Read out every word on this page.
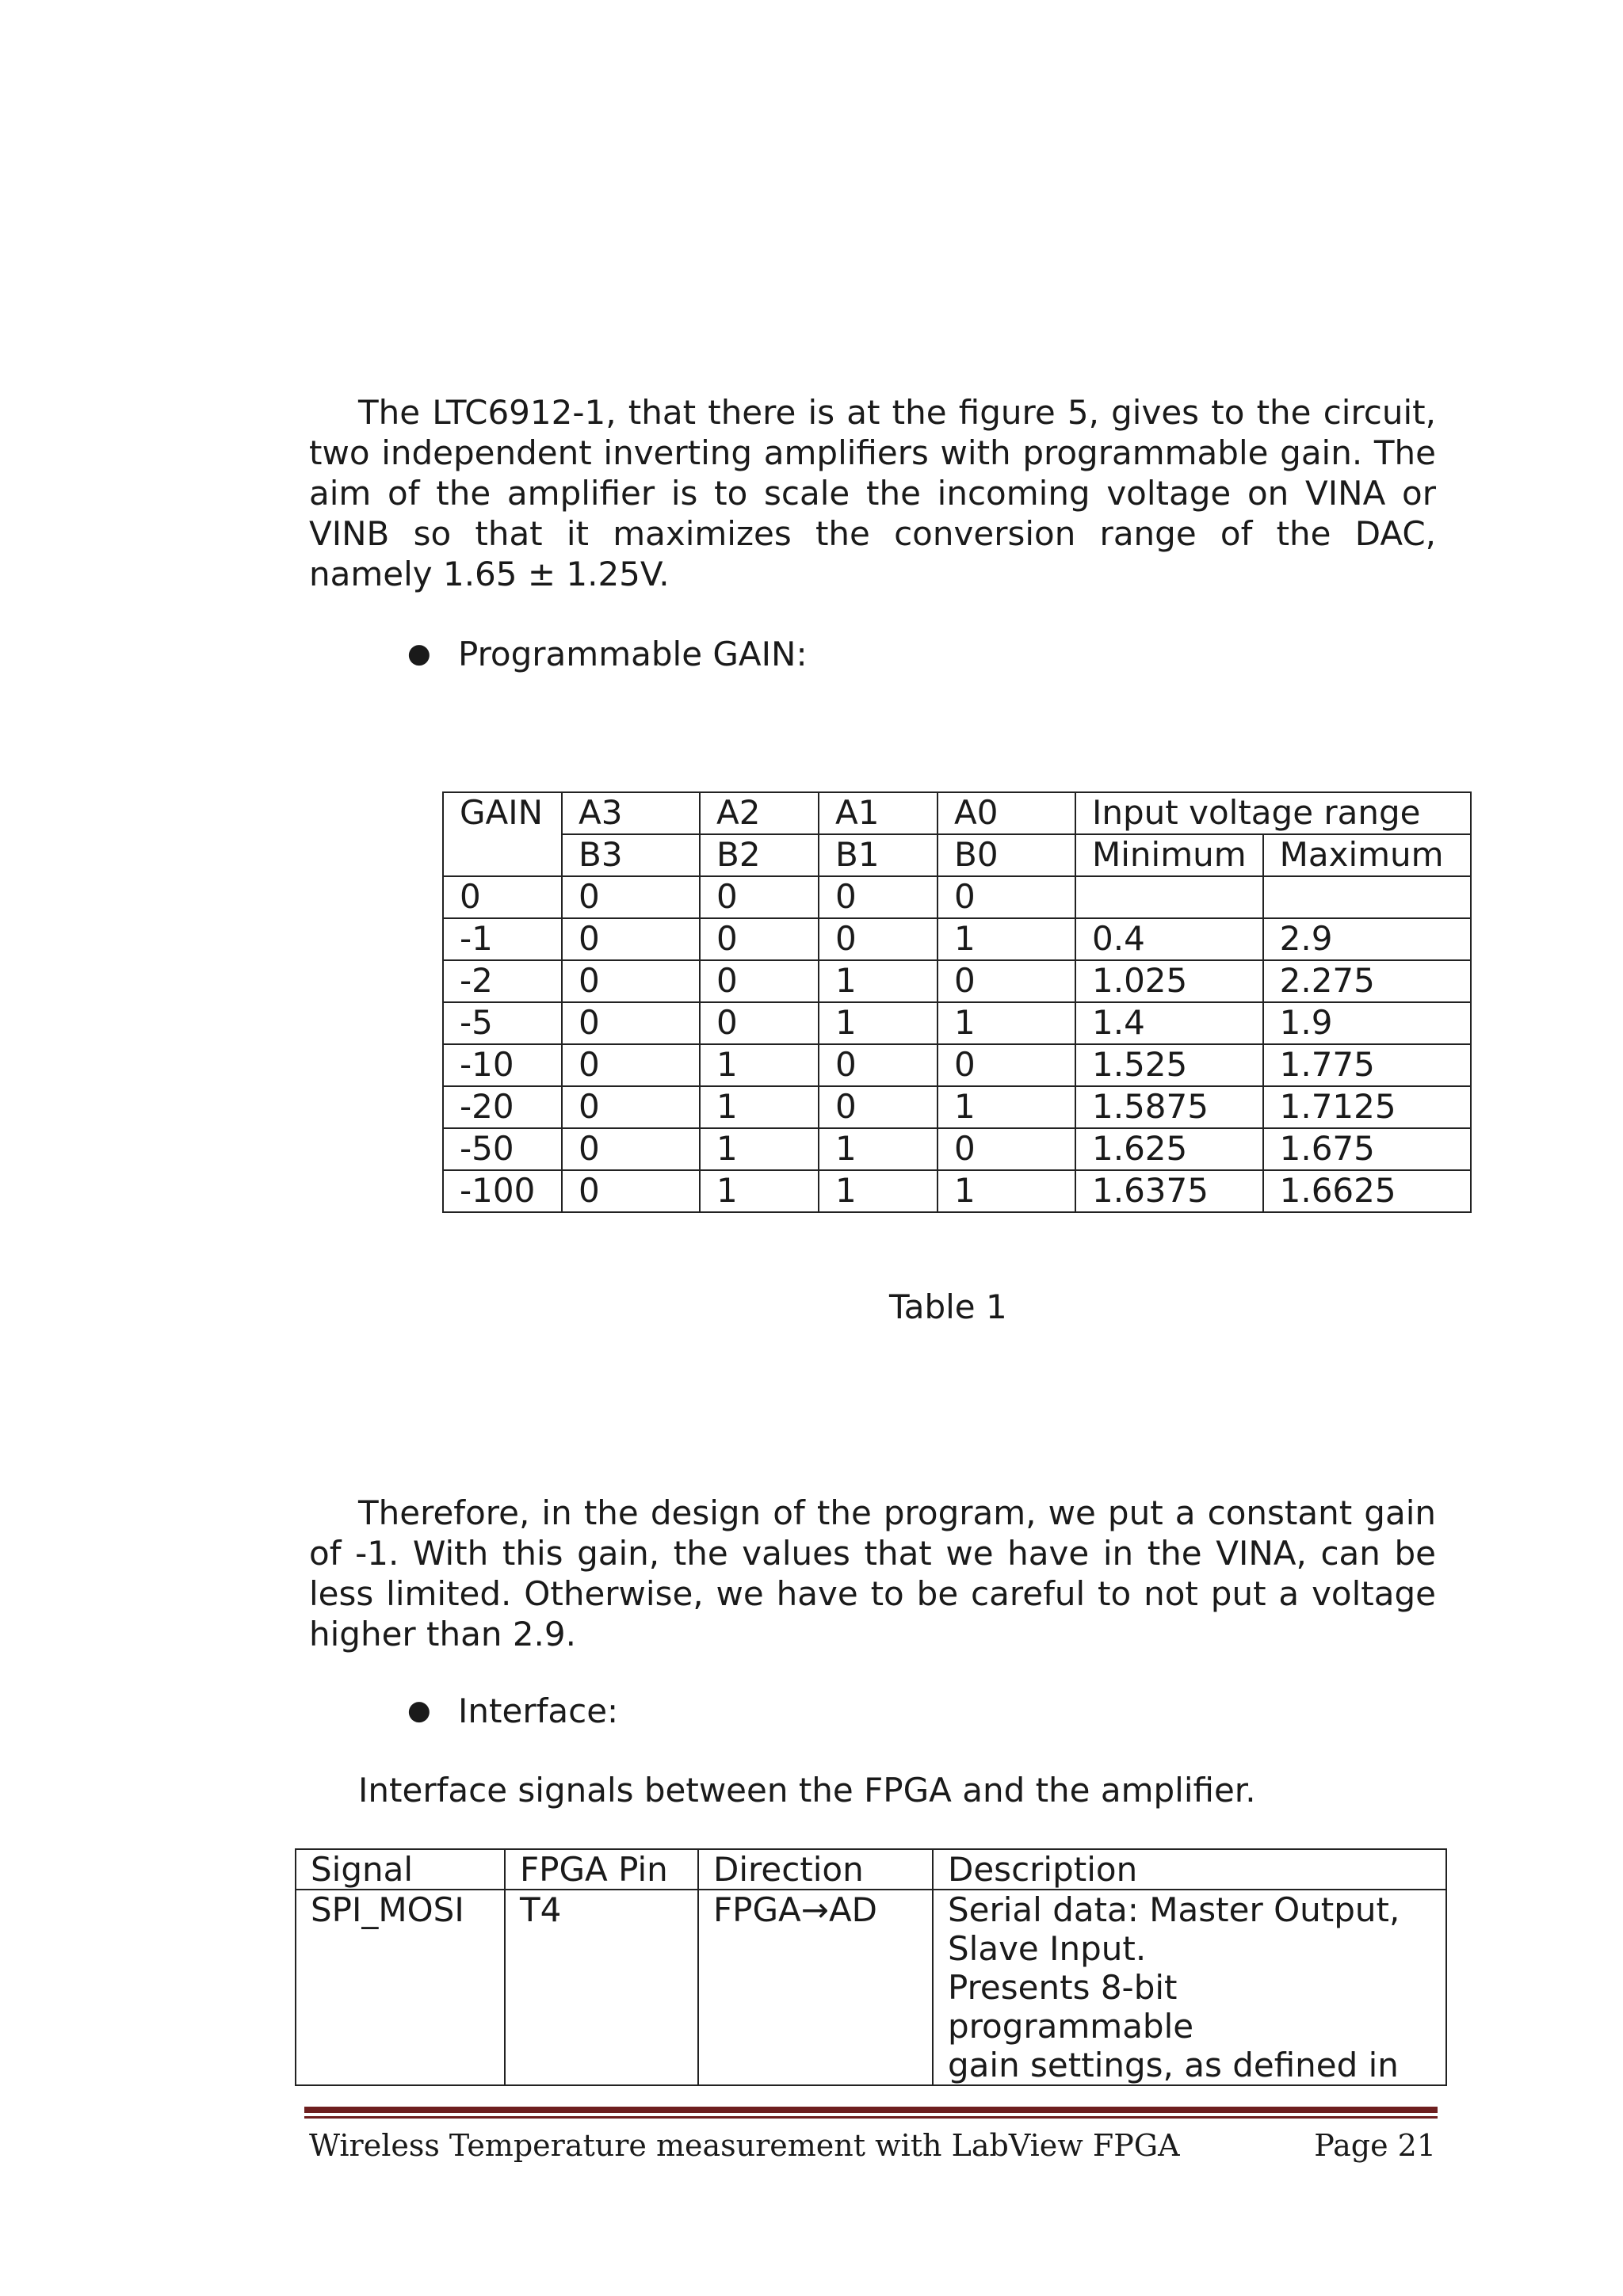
The LTC6912-1, that there is at the figure 5, gives to the circuit, two independent inverting amplifiers with programmable gain. The aim of the amplifier is to scale the incoming voltage on VINA or VINB so that it maximizes the conversion range of the DAC, namely 1.65 ± 1.25V.

● Programmable GAIN:
GAIN	A3	A2	A1	A0	Input voltage range	
	B3	B2	B1	B0	Minimum	Maximum
0	0	0	0	0		
-1	0	0	0	1	0.4	2.9
-2	0	0	1	0	1.025	2.275
-5	0	0	1	1	1.4	1.9
-10	0	1	0	0	1.525	1.775
-20	0	1	0	1	1.5875	1.7125
-50	0	1	1	0	1.625	1.675
-100	0	1	1	1	1.6375	1.6625
Table 1

Therefore, in the design of the program, we put a constant gain of -1. With this gain, the values that we have in the VINA, can be less limited. Otherwise, we have to be careful to not put a voltage higher than 2.9.

● Interface:
Interface signals between the FPGA and the amplifier.
Signal	FPGA Pin	Direction	Description
SPI_MOSI	T4	FPGA→AD	Serial data: Master Output,
Slave Input.
Presents 8-bit programmable
gain settings, as defined in
Wireless Temperature measurement with LabView FPGA	Page 21
